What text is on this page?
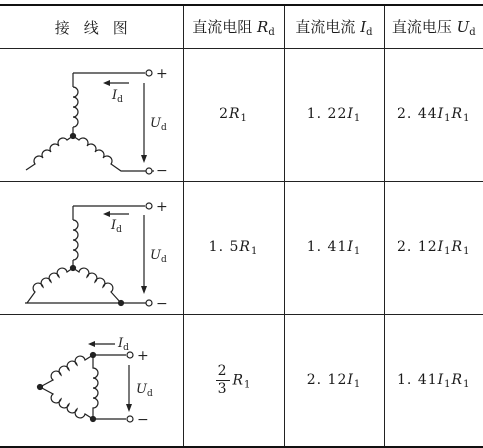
接线图	直流电阻 $R_d$	直流电流 $I_d$	直流电压 $U_d$

+
−
$I_d$
$U_d$	$2R_1$	1. $22I_1$	2. $44I_1R_1$

+
−
$I_d$
$U_d$	1. $5R_1$	1. $41I_1$	2. $12I_1R_1$

+
−
$I_d$
$U_d$	$\frac{2}{3} R_1$	2. $12I_1$	1. $41I_1R_1$
